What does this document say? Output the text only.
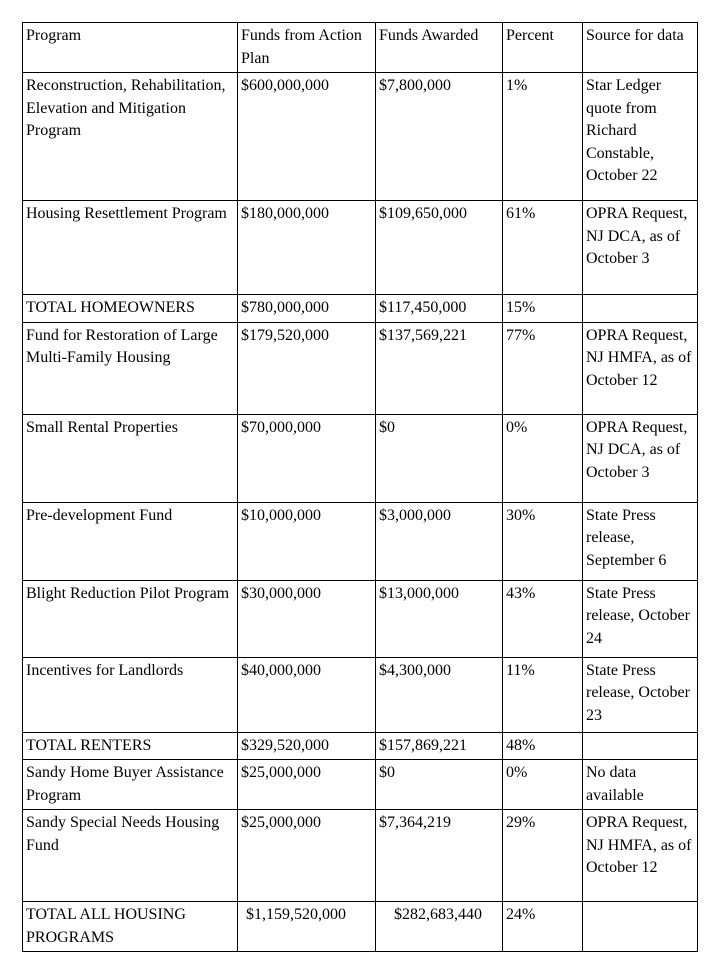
Program	Funds from Action Plan	Funds Awarded	Percent	Source for data
Reconstruction, Rehabilitation, Elevation and Mitigation Program	$600,000,000	$7,800,000	1%	Star Ledger quote from Richard Constable, October 22
Housing Resettlement Program	$180,000,000	$109,650,000	61%	OPRA Request, NJ DCA, as of October 3
TOTAL HOMEOWNERS	$780,000,000	$117,450,000	15%	
Fund for Restoration of Large Multi-Family Housing	$179,520,000	$137,569,221	77%	OPRA Request, NJ HMFA, as of October 12
Small Rental Properties	$70,000,000	$0	0%	OPRA Request, NJ DCA, as of October 3
Pre-development Fund	$10,000,000	$3,000,000	30%	State Press release, September 6
Blight Reduction Pilot Program	$30,000,000	$13,000,000	43%	State Press release, October 24
Incentives for Landlords	$40,000,000	$4,300,000	11%	State Press release, October 23
TOTAL RENTERS	$329,520,000	$157,869,221	48%	
Sandy Home Buyer Assistance Program	$25,000,000	$0	0%	No data available
Sandy Special Needs Housing Fund	$25,000,000	$7,364,219	29%	OPRA Request, NJ HMFA, as of October 12
TOTAL ALL HOUSING PROGRAMS	$1,159,520,000	$282,683,440	24%	
